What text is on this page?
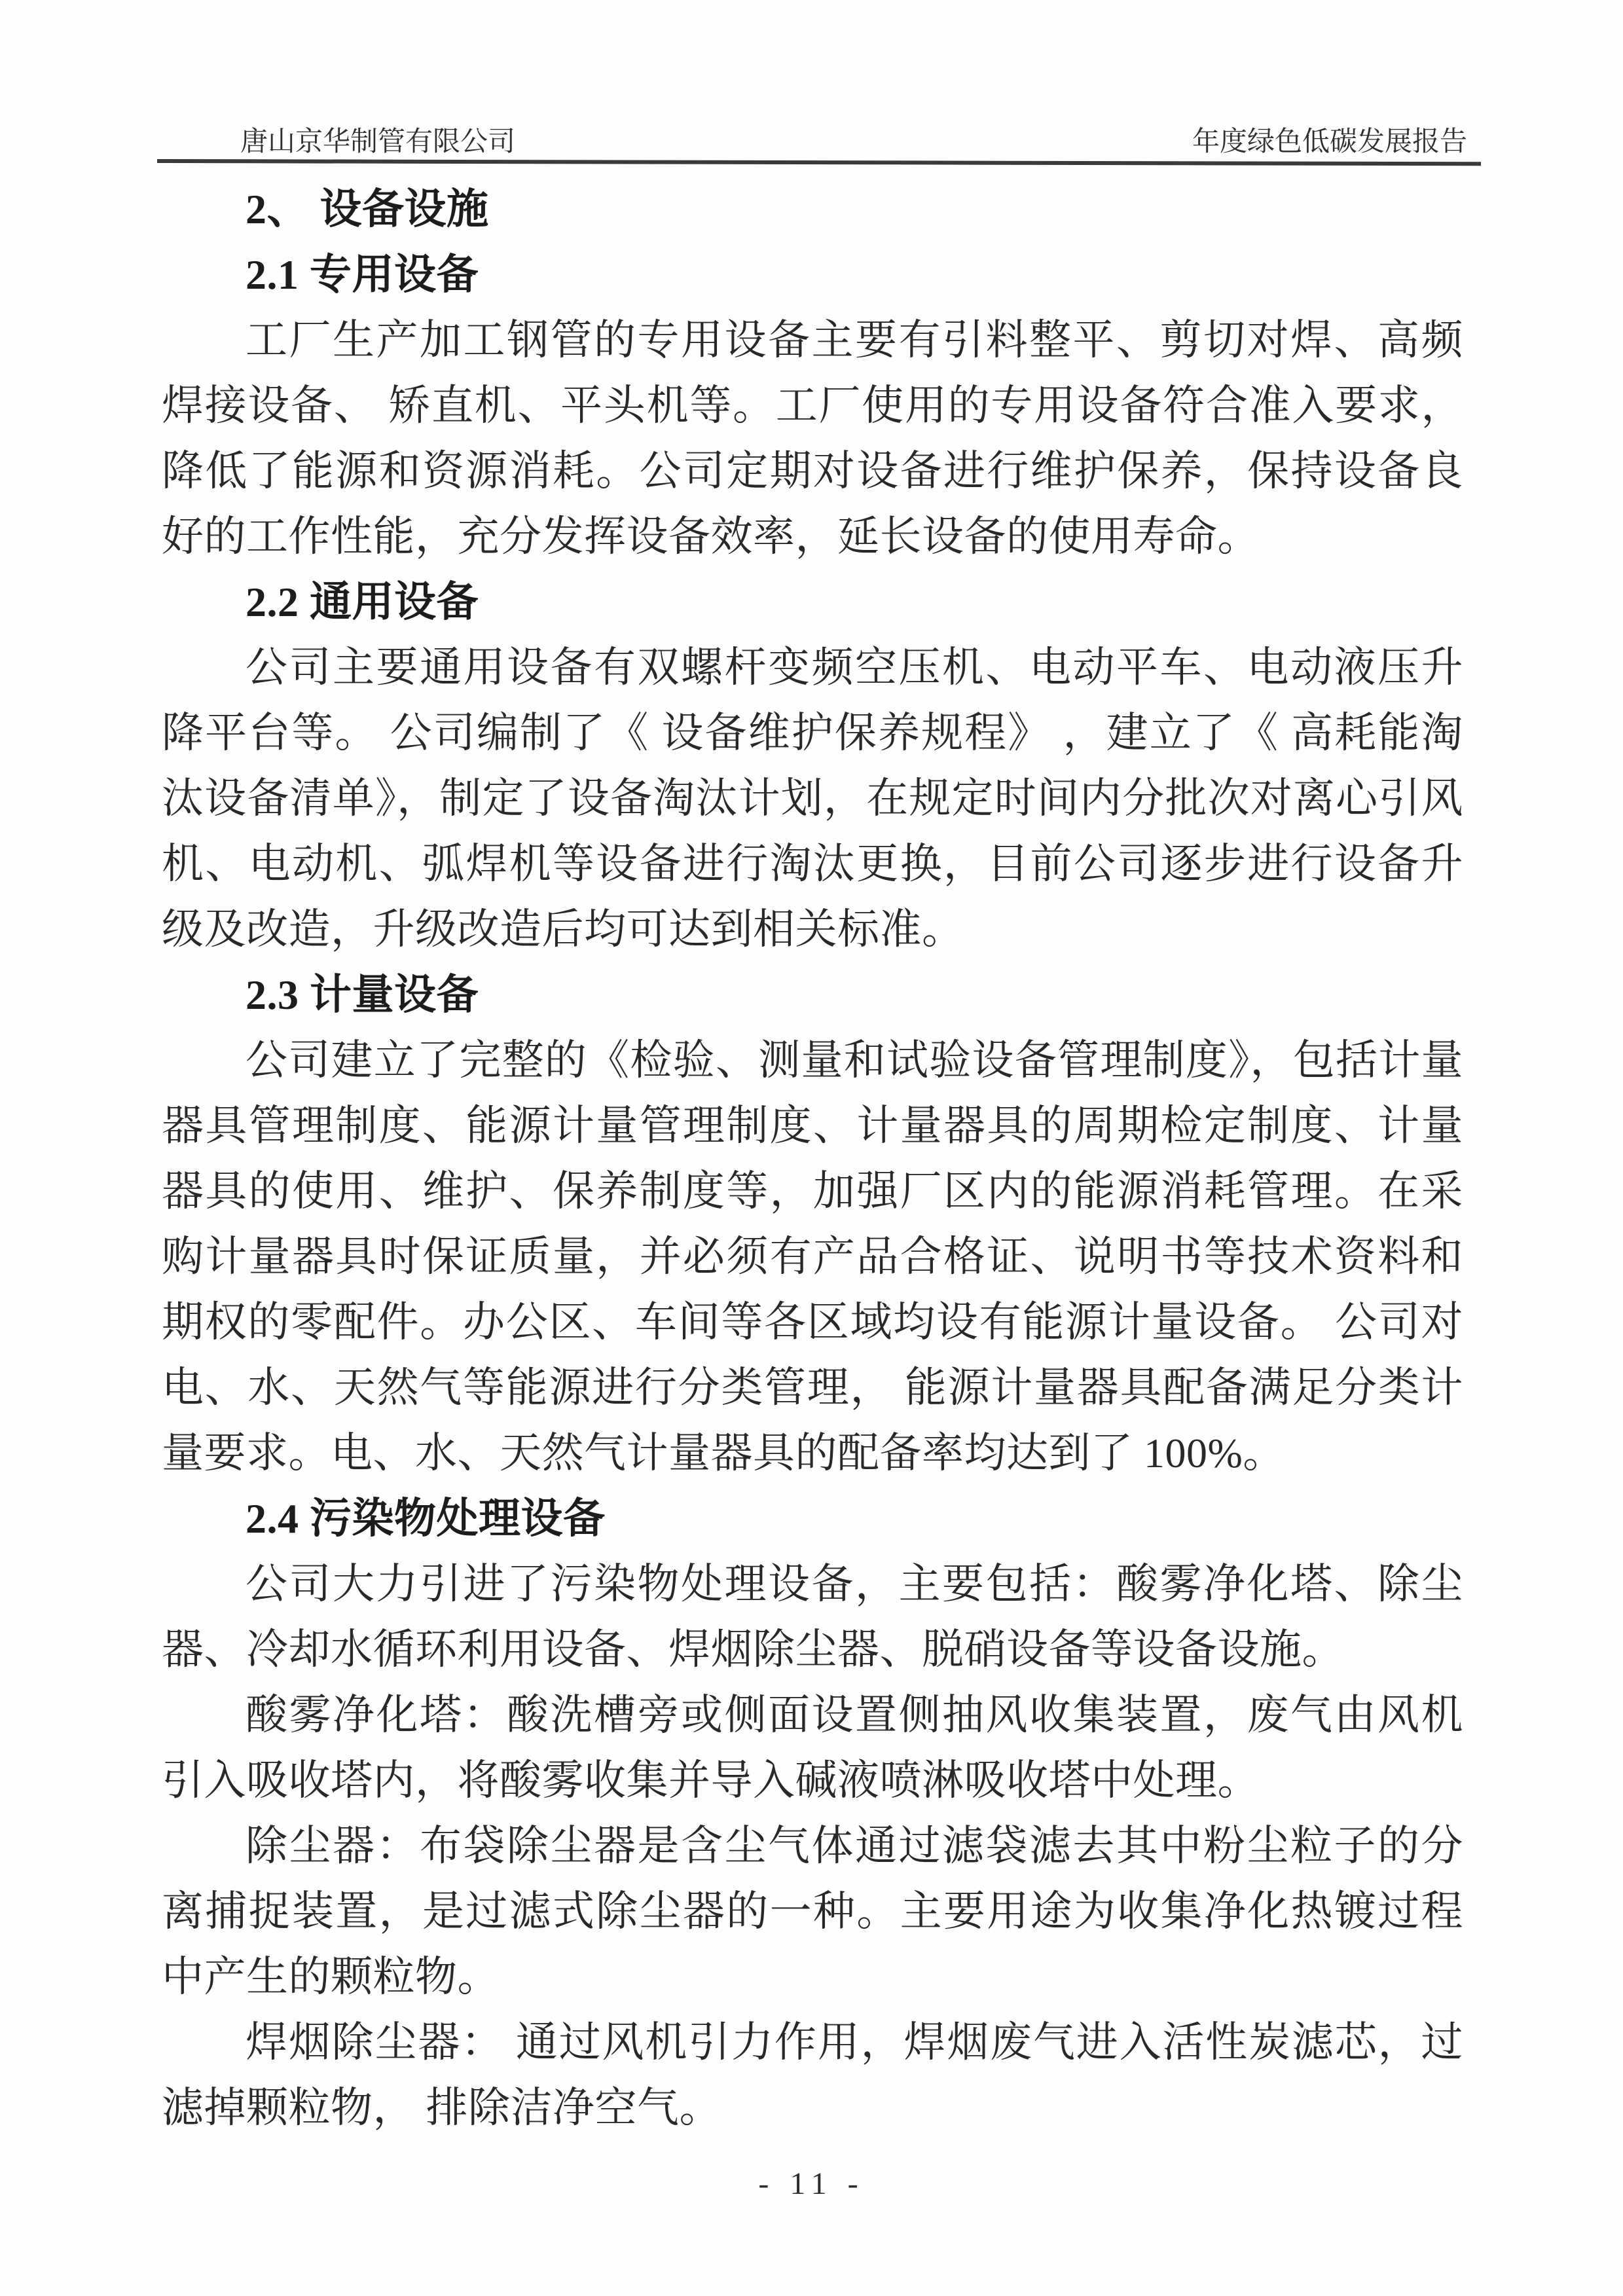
唐山京华制管有限公司	年度绿色低碳发展报告

2、 设备设施

2.1 专用设备

工厂生产加工钢管的专用设备主要有引料整平、剪切对焊、高频焊接设备、 矫直机、平头机等。工厂使用的专用设备符合准入要求，降低了能源和资源消耗。公司定期对设备进行维护保养，保持设备良好的工作性能，充分发挥设备效率，延长设备的使用寿命。

2.2 通用设备

公司主要通用设备有双螺杆变频空压机、电动平车、电动液压升降平台等。 公司编制了《 设备维护保养规程》 ，建立了《 高耗能淘汰设备清单》，制定了设备淘汰计划，在规定时间内分批次对离心引风机、电动机、弧焊机等设备进行淘汰更换，目前公司逐步进行设备升 级及改造，升级改造后均可达到相关标准。

2.3 计量设备

公司建立了完整的《检验、测量和试验设备管理制度》，包括计量器具管理制度、能源计量管理制度、计量器具的周期检定制度、计量器具的使用、维护、保养制度等，加强厂区内的能源消耗管理。在采购计量器具时保证质量，并必须有产品合格证、说明书等技术资料和期权的零配件。办公区、车间等各区域均设有能源计量设备。 公司对电、水、天然气等能源进行分类管理， 能源计量器具配备满足分类计量要求。电、水、天然气计量器具的配备率均达到了 100%。

2.4 污染物处理设备

公司大力引进了污染物处理设备，主要包括：酸雾净化塔、除尘器、冷却水循环利用设备、焊烟除尘器、脱硝设备等设备设施。

酸雾净化塔：酸洗槽旁或侧面设置侧抽风收集装置，废气由风机引入吸收塔内，将酸雾收集并导入碱液喷淋吸收塔中处理。

除尘器：布袋除尘器是含尘气体通过滤袋滤去其中粉尘粒子的分离捕捉装置，是过滤式除尘器的一种。主要用途为收集净化热镀过程中产生的颗粒物。

焊烟除尘器： 通过风机引力作用，焊烟废气进入活性炭滤芯，过滤掉颗粒物， 排除洁净空气。

- 11 -
